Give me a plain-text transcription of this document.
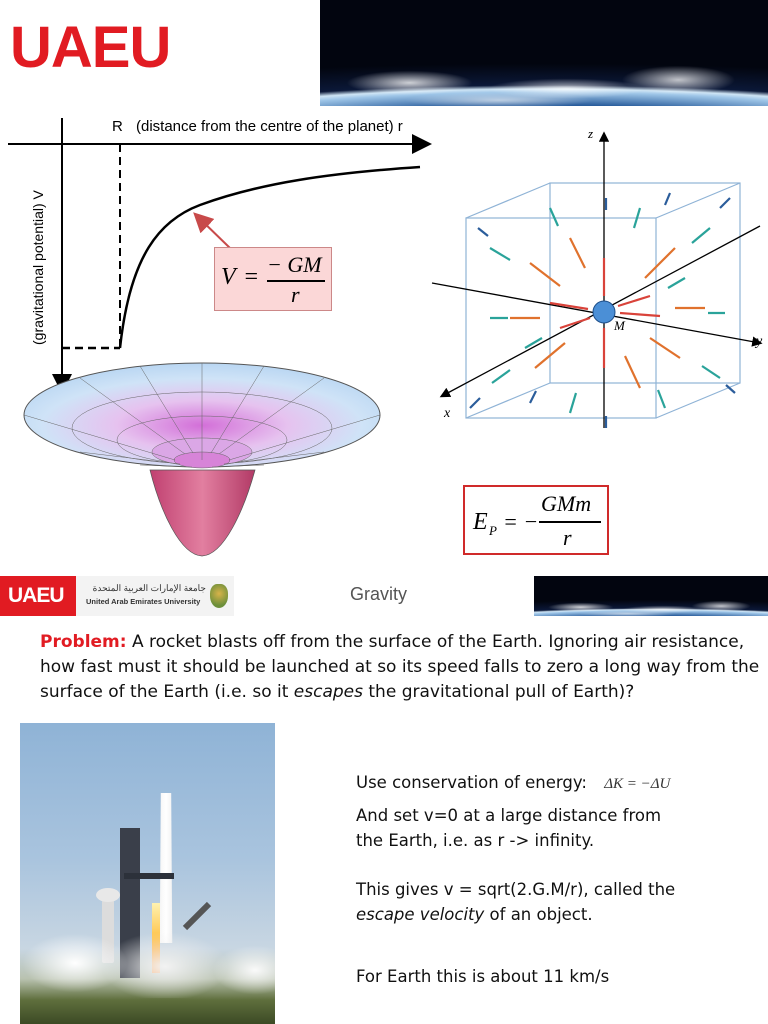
UAEU
R (distance from the centre of the planet) r
(gravitational potential) V	V = − GM
r
z
y
x
M
E P = −
GMm
r
UAEU	جامعة الإمارات العربية المتحدة
United Arab Emirates University	Gravity
Problem: A rocket blasts off from the surface of the Earth. Ignoring air resistance, how fast must it should be launched at so its speed falls to zero a long way from the surface of the Earth (i.e. so it escapes the gravitational pull of Earth)?
Use conservation of energy: ΔK = −ΔU
And set v=0 at a large distance from the Earth, i.e. as r -> infinity.
This gives v = sqrt(2.G.M/r), called the escape velocity of an object.
For Earth this is about 11 km/s
